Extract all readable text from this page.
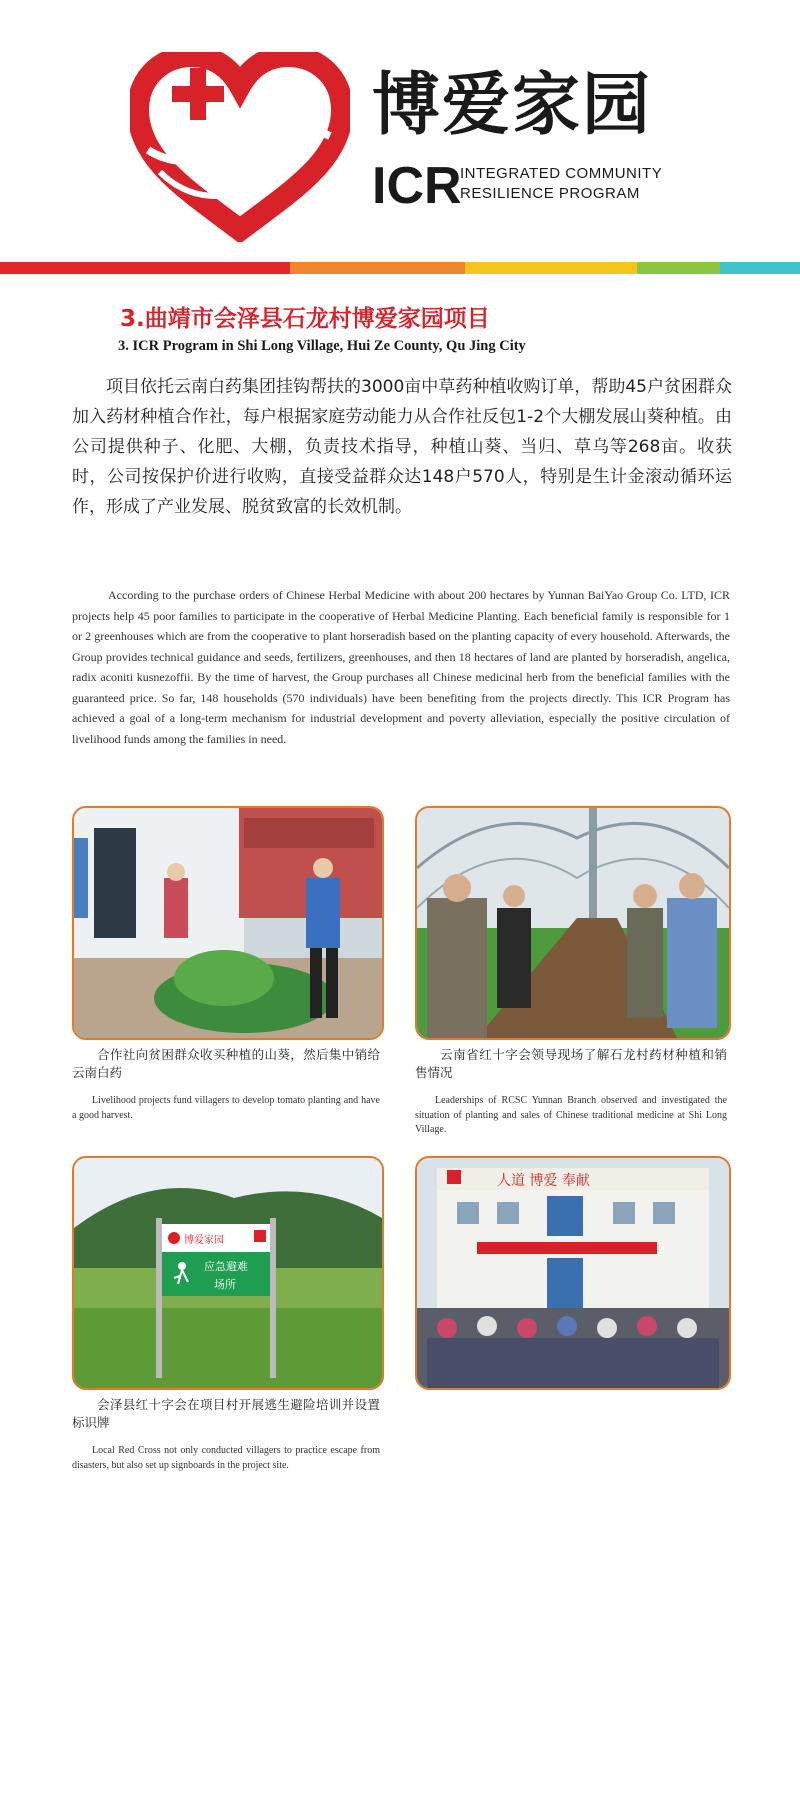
博爱家园
ICR
INTEGRATED COMMUNITY
RESILIENCE PROGRAM
3.曲靖市会泽县石龙村博爱家园项目
3. ICR Program in Shi Long Village, Hui Ze County, Qu Jing City
项目依托云南白药集团挂钩帮扶的3000亩中草药种植收购订单，帮助45户贫困群众加入药材种植合作社，每户根据家庭劳动能力从合作社反包1-2个大棚发展山葵种植。由公司提供种子、化肥、大棚，负责技术指导，种植山葵、当归、草乌等268亩。收获时，公司按保护价进行收购，直接受益群众达148户570人，特别是生计金滚动循环运作，形成了产业发展、脱贫致富的长效机制。
According to the purchase orders of Chinese Herbal Medicine with about 200 hectares by Yunnan BaiYao Group Co. LTD, ICR projects help 45 poor families to participate in the cooperative of Herbal Medicine Planting. Each beneficial family is responsible for 1 or 2 greenhouses which are from the cooperative to plant horseradish based on the planting capacity of every household. Afterwards, the Group provides technical guidance and seeds, fertilizers, greenhouses, and then 18 hectares of land are planted by horseradish, angelica, radix aconiti kusnezoffii. By the time of harvest, the Group purchases all Chinese medicinal herb from the beneficial families with the guaranteed price. So far, 148 households (570 individuals) have been benefiting from the projects directly. This ICR Program has achieved a goal of a long-term mechanism for industrial development and poverty alleviation, especially the positive circulation of livelihood funds among the families in need.
合作社向贫困群众收买种植的山葵，然后集中销给云南白药
Livelihood projects fund villagers to develop tomato planting and have a good harvest.
云南省红十字会领导现场了解石龙村药材种植和销售情况
Leaderships of RCSC Yunnan Branch observed and investigated the situation of planting and sales of Chinese traditional medicine at Shi Long Village.
博爱家园
应急避难
场所
会泽县红十字会在项目村开展逃生避险培训并设置标识牌
Local Red Cross not only conducted villagers to practice escape from disasters, but also set up signboards in the project site.
人道 博爱 奉献
